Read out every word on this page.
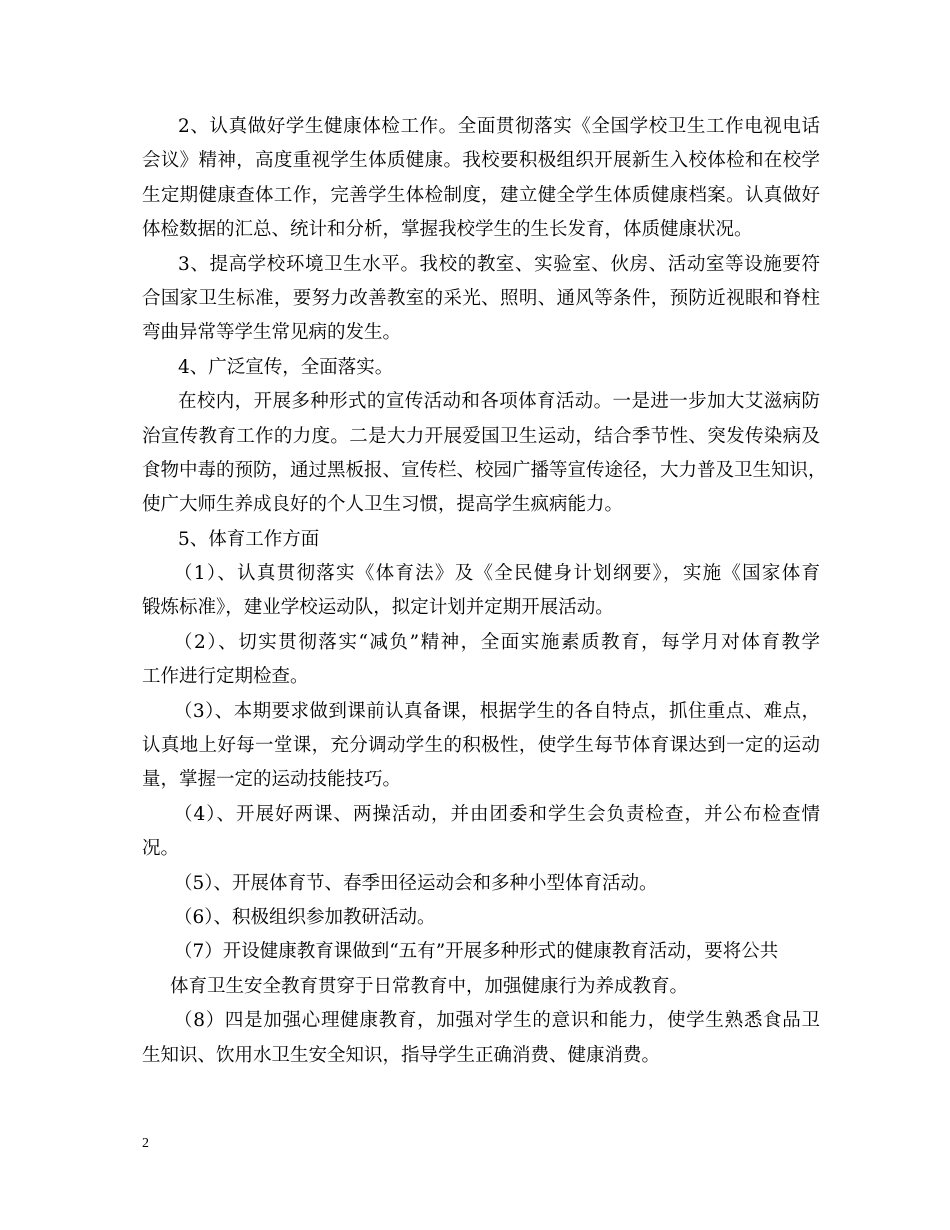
2、认真做好学生健康体检工作。全面贯彻落实《全国学校卫生工作电视电话
会议》精神，高度重视学生体质健康。我校要积极组织开展新生入校体检和在校学
生定期健康查体工作，完善学生体检制度，建立健全学生体质健康档案。认真做好
体检数据的汇总、统计和分析，掌握我校学生的生长发育，体质健康状况。
3、提高学校环境卫生水平。我校的教室、实验室、伙房、活动室等设施要符
合国家卫生标准，要努力改善教室的采光、照明、通风等条件，预防近视眼和脊柱
弯曲异常等学生常见病的发生。
4、广泛宣传，全面落实。
在校内，开展多种形式的宣传活动和各项体育活动。一是进一步加大艾滋病防
治宣传教育工作的力度。二是大力开展爱国卫生运动，结合季节性、突发传染病及
食物中毒的预防，通过黑板报、宣传栏、校园广播等宣传途径，大力普及卫生知识，
使广大师生养成良好的个人卫生习惯，提高学生疯病能力。
5、体育工作方面
（1）、认真贯彻落实《体育法》及《全民健身计划纲要》，实施《国家体育
锻炼标准》，建业学校运动队，拟定计划并定期开展活动。
（2）、切实贯彻落实“减负”精神，全面实施素质教育，每学月对体育教学
工作进行定期检查。
（3）、本期要求做到课前认真备课，根据学生的各自特点，抓住重点、难点，
认真地上好每一堂课，充分调动学生的积极性，使学生每节体育课达到一定的运动
量，掌握一定的运动技能技巧。
（4）、开展好两课、两操活动，并由团委和学生会负责检查，并公布检查情
况。
（5）、开展体育节、春季田径运动会和多种小型体育活动。
（6）、积极组织参加教研活动。
（7）开设健康教育课做到“五有”开展多种形式的健康教育活动，要将公共
体育卫生安全教育贯穿于日常教育中，加强健康行为养成教育。
（8）四是加强心理健康教育，加强对学生的意识和能力，使学生熟悉食品卫
生知识、饮用水卫生安全知识，指导学生正确消费、健康消费。
2
